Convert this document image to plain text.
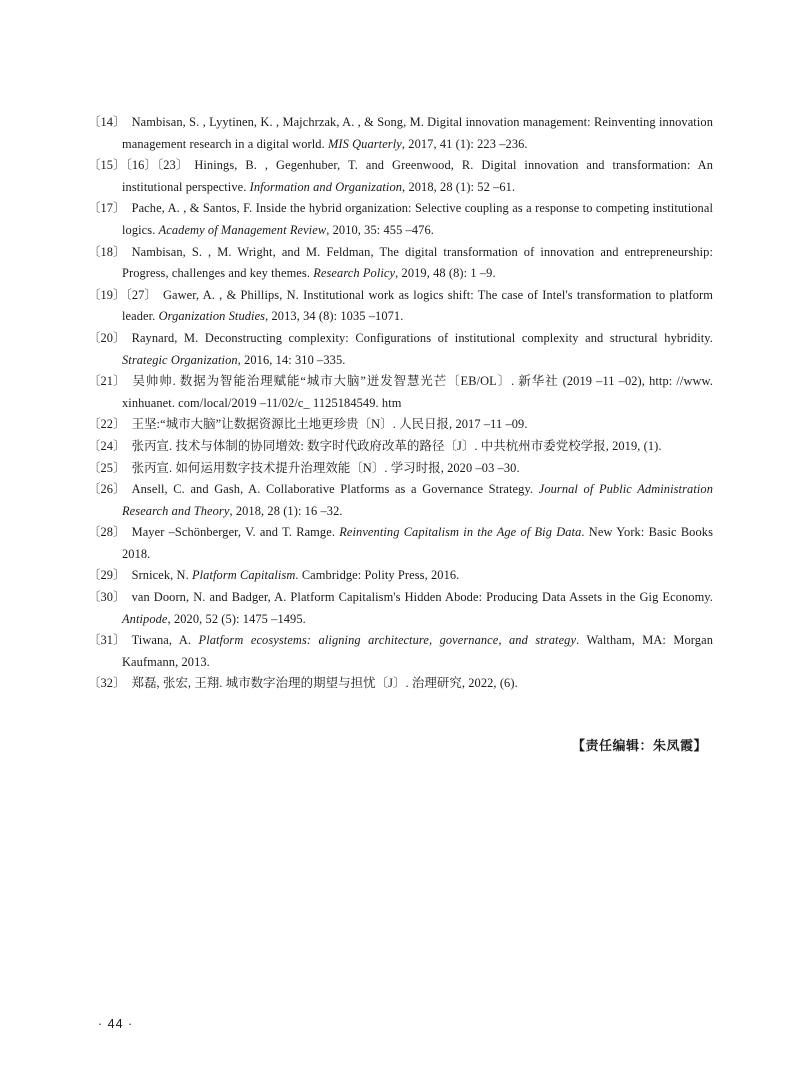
〔14〕 Nambisan, S. , Lyytinen, K. , Majchrzak, A. , & Song, M. Digital innovation management: Reinventing innovation management research in a digital world. MIS Quarterly, 2017, 41 (1): 223 –236.
〔15〕〔16〕〔23〕 Hinings, B. , Gegenhuber, T. and Greenwood, R. Digital innovation and transformation: An institutional perspective. Information and Organization, 2018, 28 (1): 52 –61.
〔17〕 Pache, A. , & Santos, F. Inside the hybrid organization: Selective coupling as a response to competing institutional logics. Academy of Management Review, 2010, 35: 455 –476.
〔18〕 Nambisan, S. , M. Wright, and M. Feldman, The digital transformation of innovation and entrepreneurship: Progress, challenges and key themes. Research Policy, 2019, 48 (8): 1 –9.
〔19〕〔27〕 Gawer, A. , & Phillips, N. Institutional work as logics shift: The case of Intel's transformation to platform leader. Organization Studies, 2013, 34 (8): 1035 –1071.
〔20〕 Raynard, M. Deconstructing complexity: Configurations of institutional complexity and structural hybridity. Strategic Organization, 2016, 14: 310 –335.
〔21〕 吴帅帅. 数据为智能治理赋能“城市大脑”迸发智慧光芒〔EB/OL〕. 新华社 (2019 –11 –02), http: //www. xinhuanet. com/local/2019 –11/02/c_ 1125184549. htm
〔22〕 王坚:“城市大脑”让数据资源比土地更珍贵〔N〕. 人民日报, 2017 –11 –09.
〔24〕 张丙宣. 技术与体制的协同增效: 数字时代政府改革的路径〔J〕. 中共杭州市委党校学报, 2019, (1).
〔25〕 张丙宣. 如何运用数字技术提升治理效能〔N〕. 学习时报, 2020 –03 –30.
〔26〕 Ansell, C. and Gash, A. Collaborative Platforms as a Governance Strategy. Journal of Public Administration Research and Theory, 2018, 28 (1): 16 –32.
〔28〕 Mayer –Schönberger, V. and T. Ramge. Reinventing Capitalism in the Age of Big Data. New York: Basic Books 2018.
〔29〕 Srnicek, N. Platform Capitalism. Cambridge: Polity Press, 2016.
〔30〕 van Doorn, N. and Badger, A. Platform Capitalism's Hidden Abode: Producing Data Assets in the Gig Economy. Antipode, 2020, 52 (5): 1475 –1495.
〔31〕 Tiwana, A. Platform ecosystems: aligning architecture, governance, and strategy. Waltham, MA: Morgan Kaufmann, 2013.
〔32〕 郑磊, 张宏, 王翔. 城市数字治理的期望与担忧〔J〕. 治理研究, 2022, (6).
【责任编辑：朱凤霞】
· 44 ·
